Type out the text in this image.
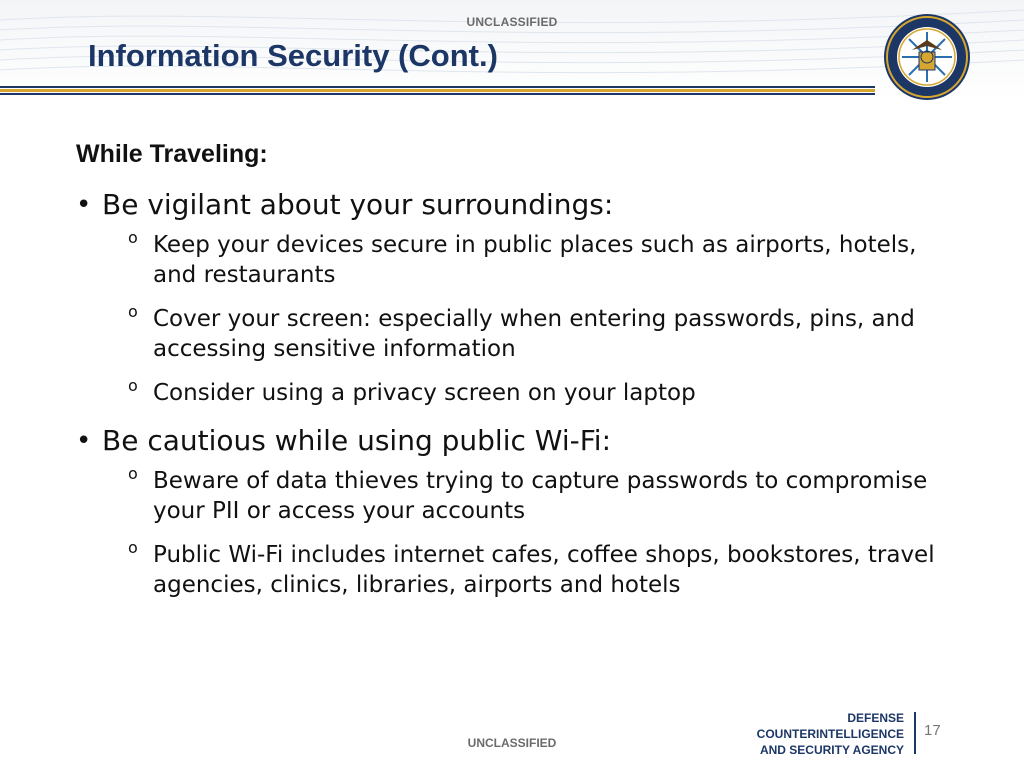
UNCLASSIFIED
Information Security (Cont.)
While Traveling:
• Be vigilant about your surroundings:
o Keep your devices secure in public places such as airports, hotels, and restaurants
o Cover your screen: especially when entering passwords, pins, and accessing sensitive information
o Consider using a privacy screen on your laptop
• Be cautious while using public Wi-Fi:
o Beware of data thieves trying to capture passwords to compromise your PII or access your accounts
o Public Wi-Fi includes internet cafes, coffee shops, bookstores, travel agencies, clinics, libraries, airports and hotels
UNCLASSIFIED
DEFENSE
COUNTERINTELLIGENCE
AND SECURITY AGENCY
17
